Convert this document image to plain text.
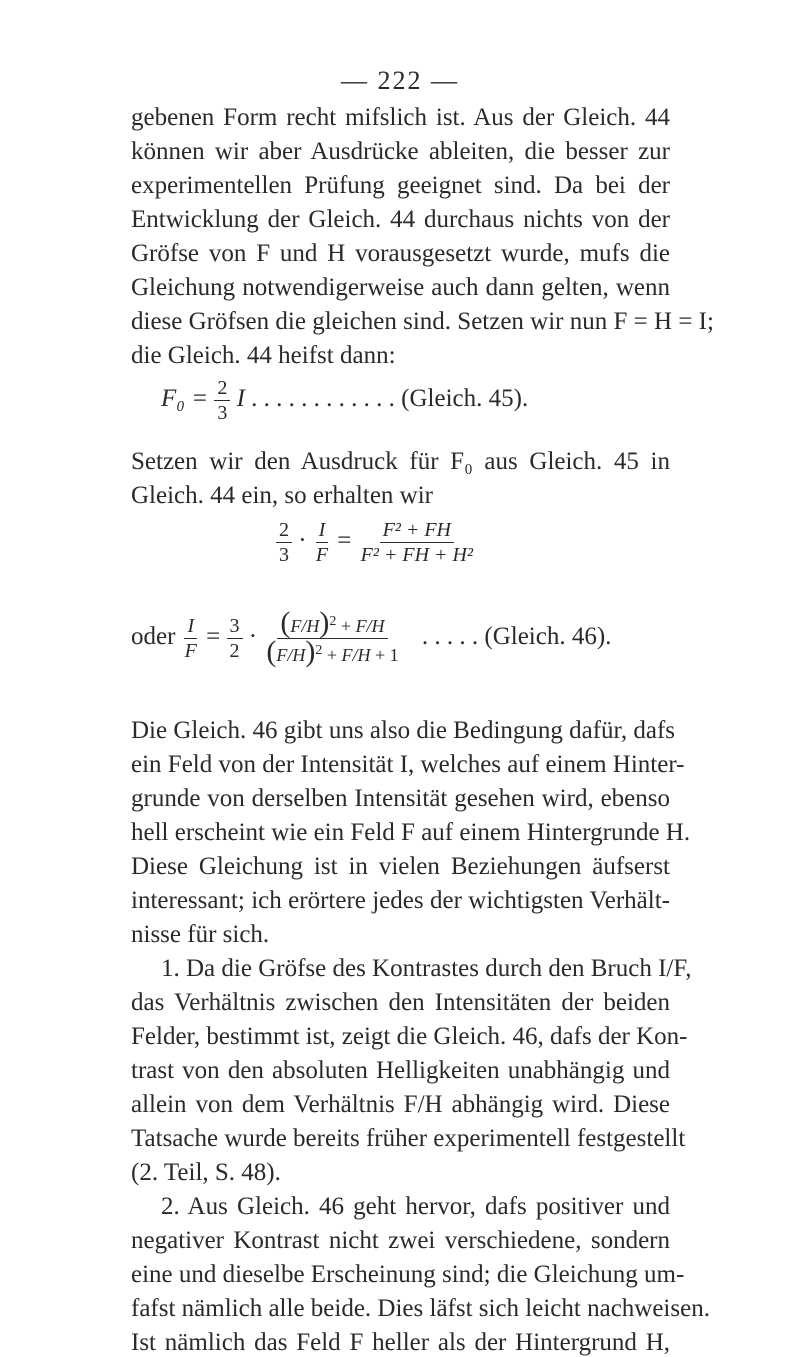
— 222 —
gebenen Form recht mifslich ist. Aus der Gleich. 44
können wir aber Ausdrücke ableiten, die besser zur
experimentellen Prüfung geeignet sind. Da bei der
Entwicklung der Gleich. 44 durchaus nichts von der
Gröfse von F und H vorausgesetzt wurde, mufs die
Gleichung notwendigerweise auch dann gelten, wenn
diese Gröfsen die gleichen sind. Setzen wir nun F = H = I;
die Gleich. 44 heifst dann:
$F_0 = \frac{2}{3}$ I . . . . . . . . . . . . (Gleich. 45).
Setzen wir den Ausdruck für F₀ aus Gleich. 45 in
Gleich. 44 ein, so erhalten wir
$\frac{2}{3} \cdot \frac{I}{F} = \frac{\text{F² + FH}}{\text{F² + FH + H²}}$
oder $\frac{I}{F} = \frac{3}{2} \cdot \frac{(F/H)^2 + F/H}{(F/H)^2 + F/H + 1}$ . . . . . (Gleich. 46).
Die Gleich. 46 gibt uns also die Bedingung dafür, dafs
ein Feld von der Intensität I, welches auf einem Hinter-
grunde von derselben Intensität gesehen wird, ebenso
hell erscheint wie ein Feld F auf einem Hintergrunde H.
Diese Gleichung ist in vielen Beziehungen äufserst
interessant; ich erörtere jedes der wichtigsten Verhält-
nisse für sich.
1. Da die Gröfse des Kontrastes durch den Bruch I/F,
das Verhältnis zwischen den Intensitäten der beiden
Felder, bestimmt ist, zeigt die Gleich. 46, dafs der Kon-
trast von den absoluten Helligkeiten unabhängig und
allein von dem Verhältnis F/H abhängig wird. Diese
Tatsache wurde bereits früher experimentell festgestellt
(2. Teil, S. 48).
2. Aus Gleich. 46 geht hervor, dafs positiver und
negativer Kontrast nicht zwei verschiedene, sondern
eine und dieselbe Erscheinung sind; die Gleichung um-
fafst nämlich alle beide. Dies läfst sich leicht nachweisen.
Ist nämlich das Feld F heller als der Hintergrund H,
